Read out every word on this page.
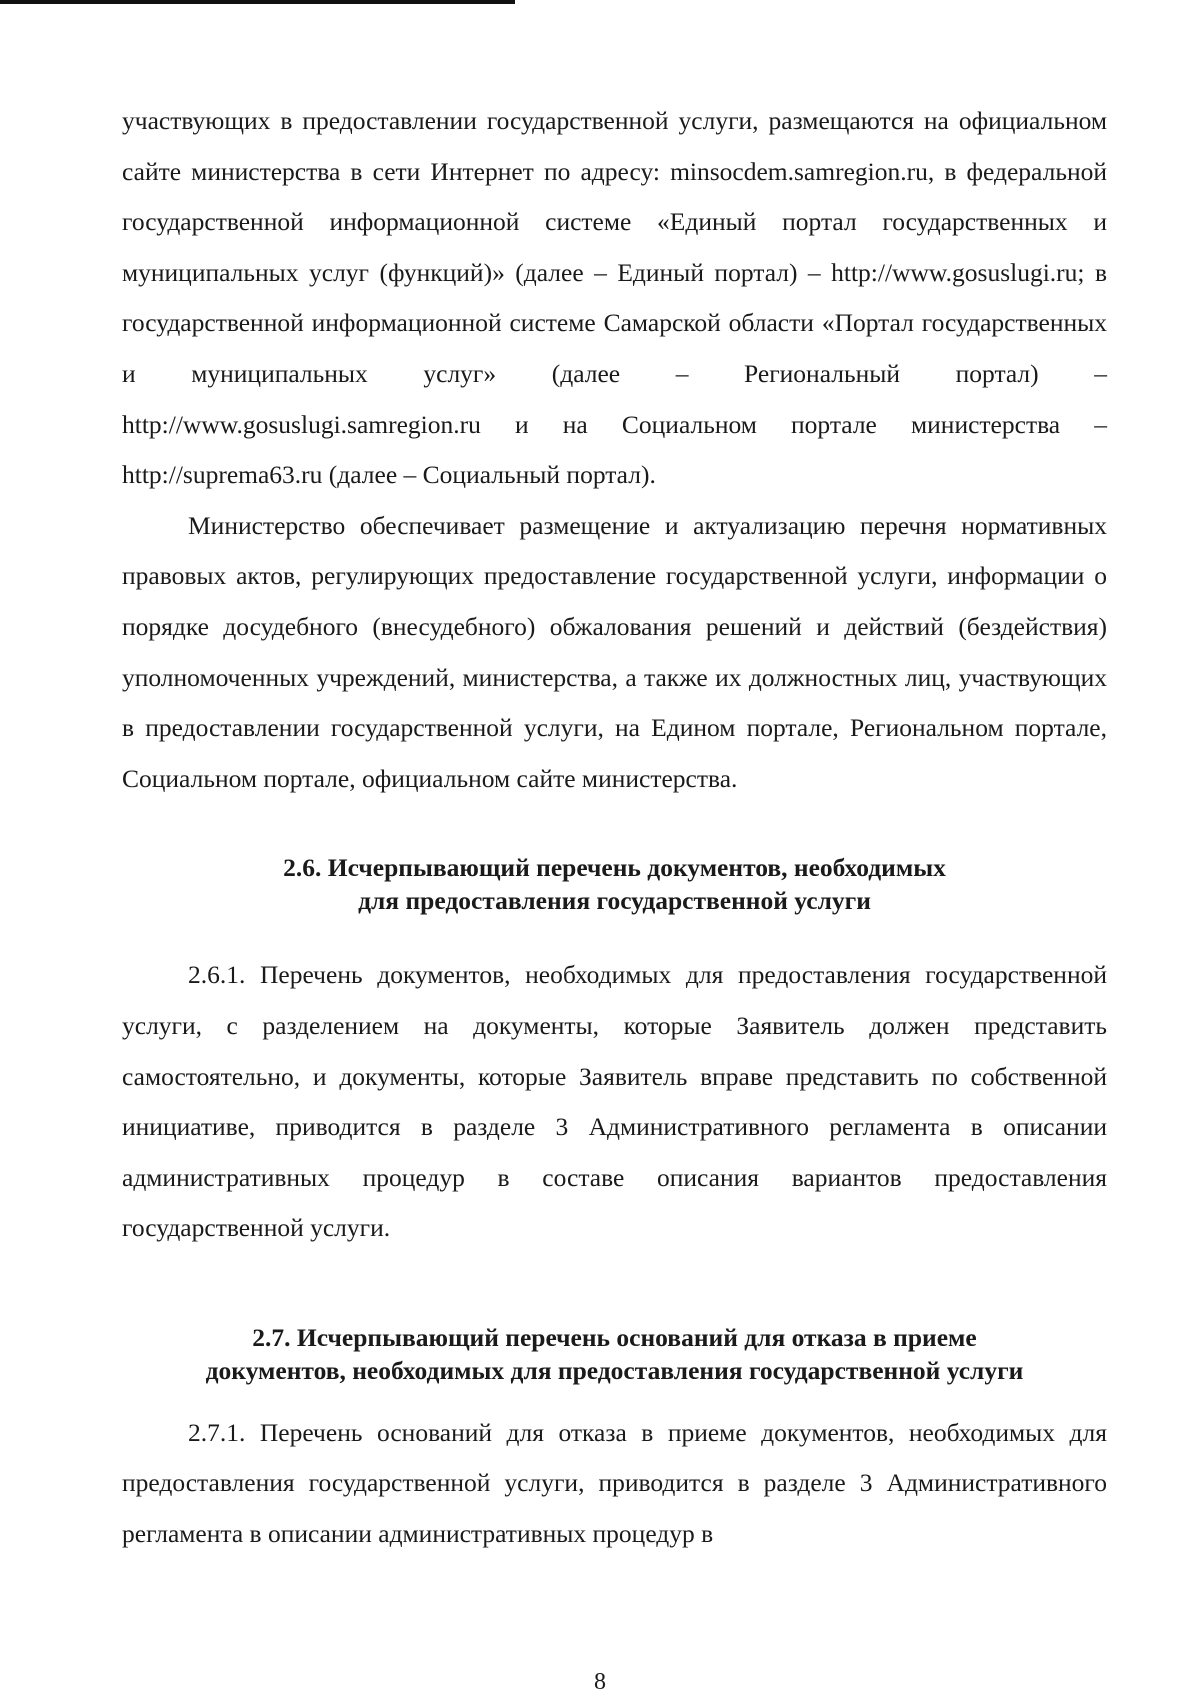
участвующих в предоставлении государственной услуги, размещаются на официальном сайте министерства в сети Интернет по адресу: minsocdem.samregion.ru, в федеральной государственной информационной системе «Единый портал государственных и муниципальных услуг (функций)» (далее – Единый портал) – http://www.gosuslugi.ru; в государственной информационной системе Самарской области «Портал государственных и муниципальных услуг» (далее – Региональный портал) – http://www.gosuslugi.samregion.ru и на Социальном портале министерства – http://suprema63.ru (далее – Социальный портал).

Министерство обеспечивает размещение и актуализацию перечня нормативных правовых актов, регулирующих предоставление государственной услуги, информации о порядке досудебного (внесудебного) обжалования решений и действий (бездействия) уполномоченных учреждений, министерства, а также их должностных лиц, участвующих в предоставлении государственной услуги, на Едином портале, Региональном портале, Социальном портале, официальном сайте министерства.

2.6. Исчерпывающий перечень документов, необходимых
для предоставления государственной услуги

2.6.1. Перечень документов, необходимых для предоставления государственной услуги, с разделением на документы, которые Заявитель должен представить самостоятельно, и документы, которые Заявитель вправе представить по собственной инициативе, приводится в разделе 3 Административного регламента в описании административных процедур в составе описания вариантов предоставления государственной услуги.

2.7. Исчерпывающий перечень оснований для отказа в приеме
документов, необходимых для предоставления государственной услуги

2.7.1. Перечень оснований для отказа в приеме документов, необходимых для предоставления государственной услуги, приводится в разделе 3 Административного регламента в описании административных процедур в

8
